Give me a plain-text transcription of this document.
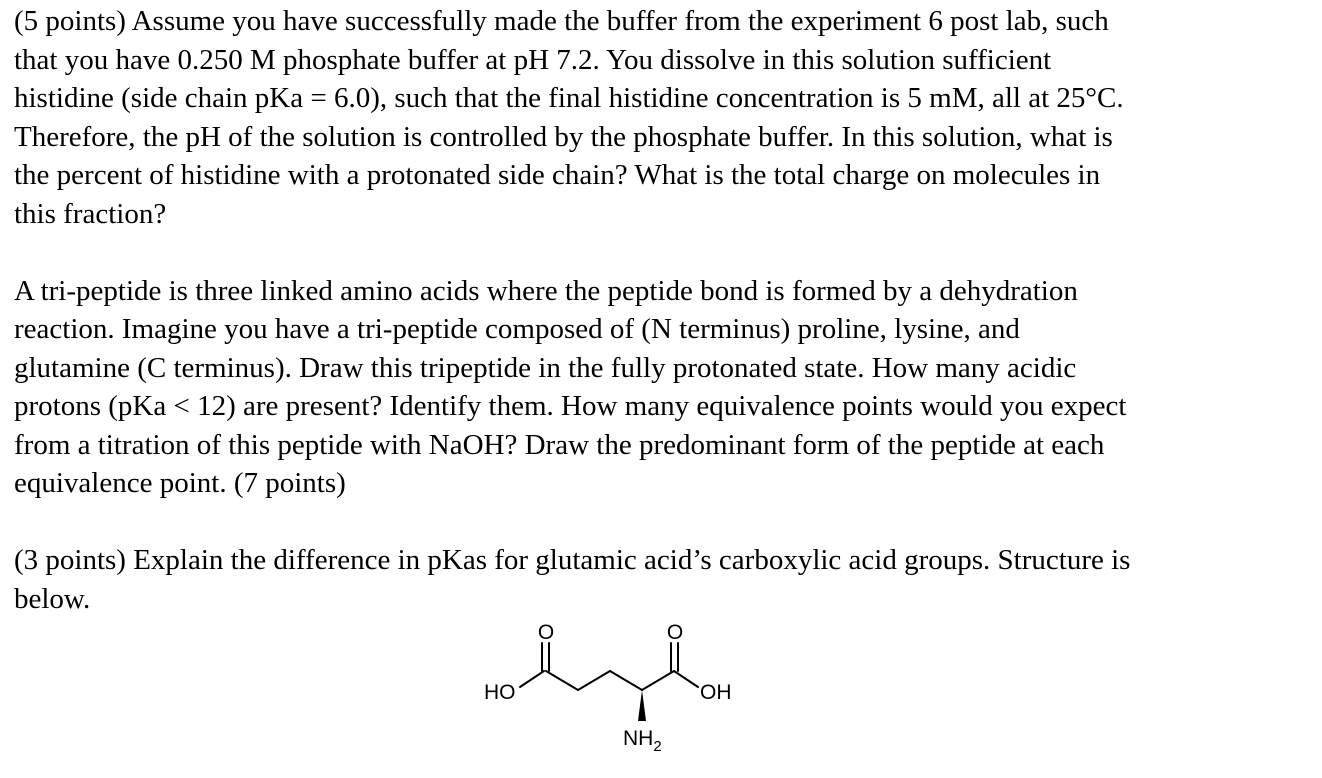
(5 points) Assume you have successfully made the buffer from the experiment 6 post lab, such
that you have 0.250 M phosphate buffer at pH 7.2. You dissolve in this solution sufficient
histidine (side chain pKa = 6.0), such that the final histidine concentration is 5 mM, all at 25°C.
Therefore, the pH of the solution is controlled by the phosphate buffer. In this solution, what is
the percent of histidine with a protonated side chain? What is the total charge on molecules in
this fraction?

A tri-peptide is three linked amino acids where the peptide bond is formed by a dehydration
reaction. Imagine you have a tri-peptide composed of (N terminus) proline, lysine, and
glutamine (C terminus). Draw this tripeptide in the fully protonated state. How many acidic
protons (pKa < 12) are present? Identify them. How many equivalence points would you expect
from a titration of this peptide with NaOH? Draw the predominant form of the peptide at each
equivalence point. (7 points)

(3 points) Explain the difference in pKas for glutamic acid’s carboxylic acid groups. Structure is
below.

O	O
HO	OH
$NH_2$
